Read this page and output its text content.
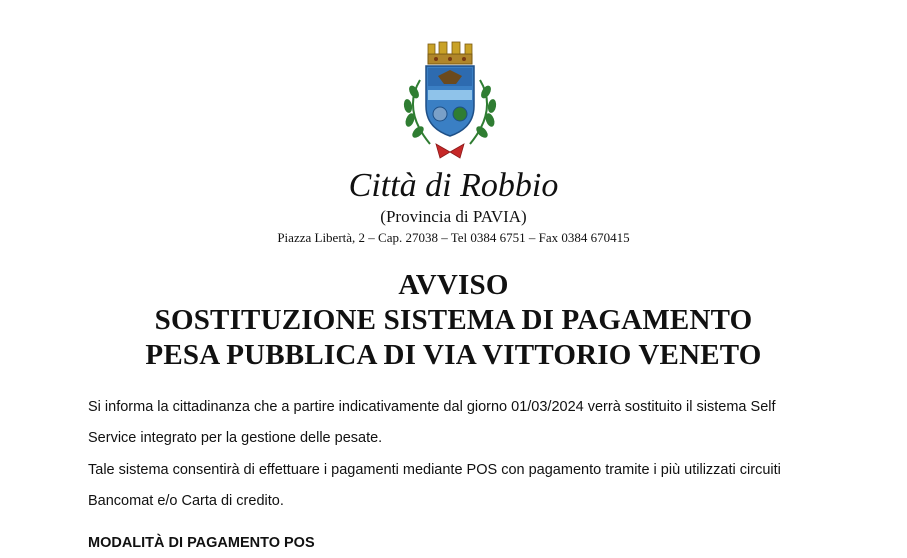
Città di Robbio
(Provincia di PAVIA)
Piazza Libertà, 2 – Cap. 27038 – Tel 0384 6751 – Fax 0384 670415
AVVISO
SOSTITUZIONE SISTEMA DI PAGAMENTO
PESA PUBBLICA DI VIA VITTORIO VENETO
Si informa la cittadinanza che a partire indicativamente dal giorno 01/03/2024 verrà sostituito il sistema Self
Service integrato per la gestione delle pesate.
Tale sistema consentirà di effettuare i pagamenti mediante POS con pagamento tramite i più utilizzati circuiti
Bancomat e/o Carta di credito.
MODALITÀ DI PAGAMENTO POS
